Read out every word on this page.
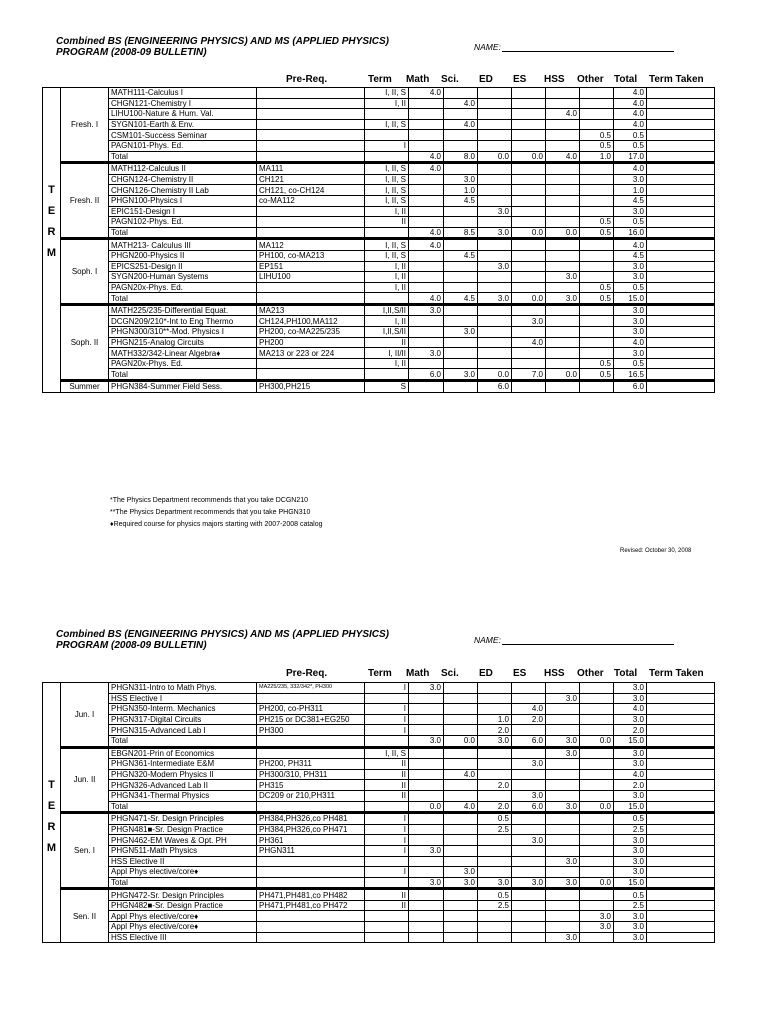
Combined BS (ENGINEERING PHYSICS) AND MS (APPLIED PHYSICS)
PROGRAM (2008-09 BULLETIN)	NAME:
Pre-Req.	Term Math Sci. ED ES HSS Other Total Term Taken
T
E
R
M	Fresh. I	MATH111-Calculus I		I, II, S	4.0						4.0	
		CHGN121-Chemistry I		I, II		4.0					4.0	
		LIHU100-Nature & Hum. Val.							4.0		4.0	
		SYGN101-Earth & Env.		I, II, S		4.0					4.0	
		CSM101-Success Seminar								0.5	0.5	
		PAGN101-Phys. Ed.		I						0.5	0.5	
		Total			4.0	8.0	0.0	0.0	4.0	1.0	17.0	
	Fresh. II	MATH112-Calculus II	MA111	I, II, S	4.0						4.0	
		CHGN124-Chemistry II	CH121	I, II, S		3.0					3.0	
		CHGN126-Chemistry II Lab	CH121, co-CH124	I, II, S		1.0					1.0	
		PHGN100-Physics I	co-MA112	I, II, S		4.5					4.5	
		EPIC151-Design I		I, II			3.0				3.0	
		PAGN102-Phys. Ed.		II						0.5	0.5	
		Total			4.0	8.5	3.0	0.0	0.0	0.5	16.0	
	Soph. I	MATH213- Calculus III	MA112	I, II, S	4.0						4.0	
		PHGN200-Physics II	PH100, co-MA213	I, II, S		4.5					4.5	
		EPICS251-Design II	EP151	I, II			3.0				3.0	
		SYGN200-Human Systems	LIHU100	I, II					3.0		3.0	
		PAGN20x-Phys. Ed.		I, II						0.5	0.5	
		Total			4.0	4.5	3.0	0.0	3.0	0.5	15.0	
	Soph. II	MATH225/235-Differential Equat.	MA213	I,II,S/II	3.0						3.0	
		DCGN209/210*-Int to Eng Thermo	CH124,PH100,MA112	I, II				3.0			3.0	
		PHGN300/310**-Mod. Physics I	PH200, co-MA225/235	I,II,S/II		3.0					3.0	
		PHGN215-Analog Circuits	PH200	II				4.0			4.0	
		MATH332/342-Linear Algebra♦	MA213 or 223 or 224	I, II/II	3.0						3.0	
		PAGN20x-Phys. Ed.		I, II						0.5	0.5	
		Total			6.0	3.0	0.0	7.0	0.0	0.5	16.5	
	Summer	PHGN384-Summer Field Sess.	PH300,PH215	S			6.0				6.0	
*The Physics Department recommends that you take DCGN210
**The Physics Department recommends that you take PHGN310
♦Required course for physics majors starting with 2007-2008 catalog
Revised: October 30, 2008
Combined BS (ENGINEERING PHYSICS) AND MS (APPLIED PHYSICS)
PROGRAM (2008-09 BULLETIN)	NAME:
Pre-Req.	Term Math Sci. ED ES HSS Other Total Term Taken
T
E
R
M	Jun. I	PHGN311-Intro to Math Phys.	MA225/235, 332/342*, PH300	I	3.0						3.0	
		HSS Elective I							3.0		3.0	
		PHGN350-Interm. Mechanics	PH200, co-PH311	I				4.0			4.0	
		PHGN317-Digital Circuits	PH215 or DC381+EG250	I			1.0	2.0			3.0	
		PHGN315-Advanced Lab I	PH300	I			2.0				2.0	
		Total			3.0	0.0	3.0	6.0	3.0	0.0	15.0	
	Jun. II	EBGN201-Prin of Economics		I, II, S					3.0		3.0	
		PHGN361-Intermediate E&M	PH200, PH311	II				3.0			3.0	
		PHGN320-Modern Physics II	PH300/310, PH311	II		4.0					4.0	
		PHGN326-Advanced Lab II	PH315	II			2.0				2.0	
		PHGN341-Thermal Physics	DC209 or 210,PH311	II				3.0			3.0	
		Total			0.0	4.0	2.0	6.0	3.0	0.0	15.0	
	Sen. I	PHGN471-Sr. Design Principles	PH384,PH326,co PH481	I			0.5				0.5	
		PHGN481■-Sr. Design Practice	PH384,PH326,co PH471	I			2.5				2.5	
		PHGN462-EM Waves & Opt. PH	PH361	I				3.0			3.0	
		PHGN511-Math Physics	PHGN311	I	3.0						3.0	
		HSS Elective II							3.0		3.0	
		Appl Phys elective/core♦		I		3.0					3.0	
		Total			3.0	3.0	3.0	3.0	3.0	0.0	15.0	
	Sen. II	PHGN472-Sr. Design Principles	PH471,PH481,co PH482	II			0.5				0.5	
		PHGN482■-Sr. Design Practice	PH471,PH481,co PH472	II			2.5				2.5	
		Appl Phys elective/core♦								3.0	3.0	
		Appl Phys elective/core♦								3.0	3.0	
		HSS Elective III							3.0		3.0	
